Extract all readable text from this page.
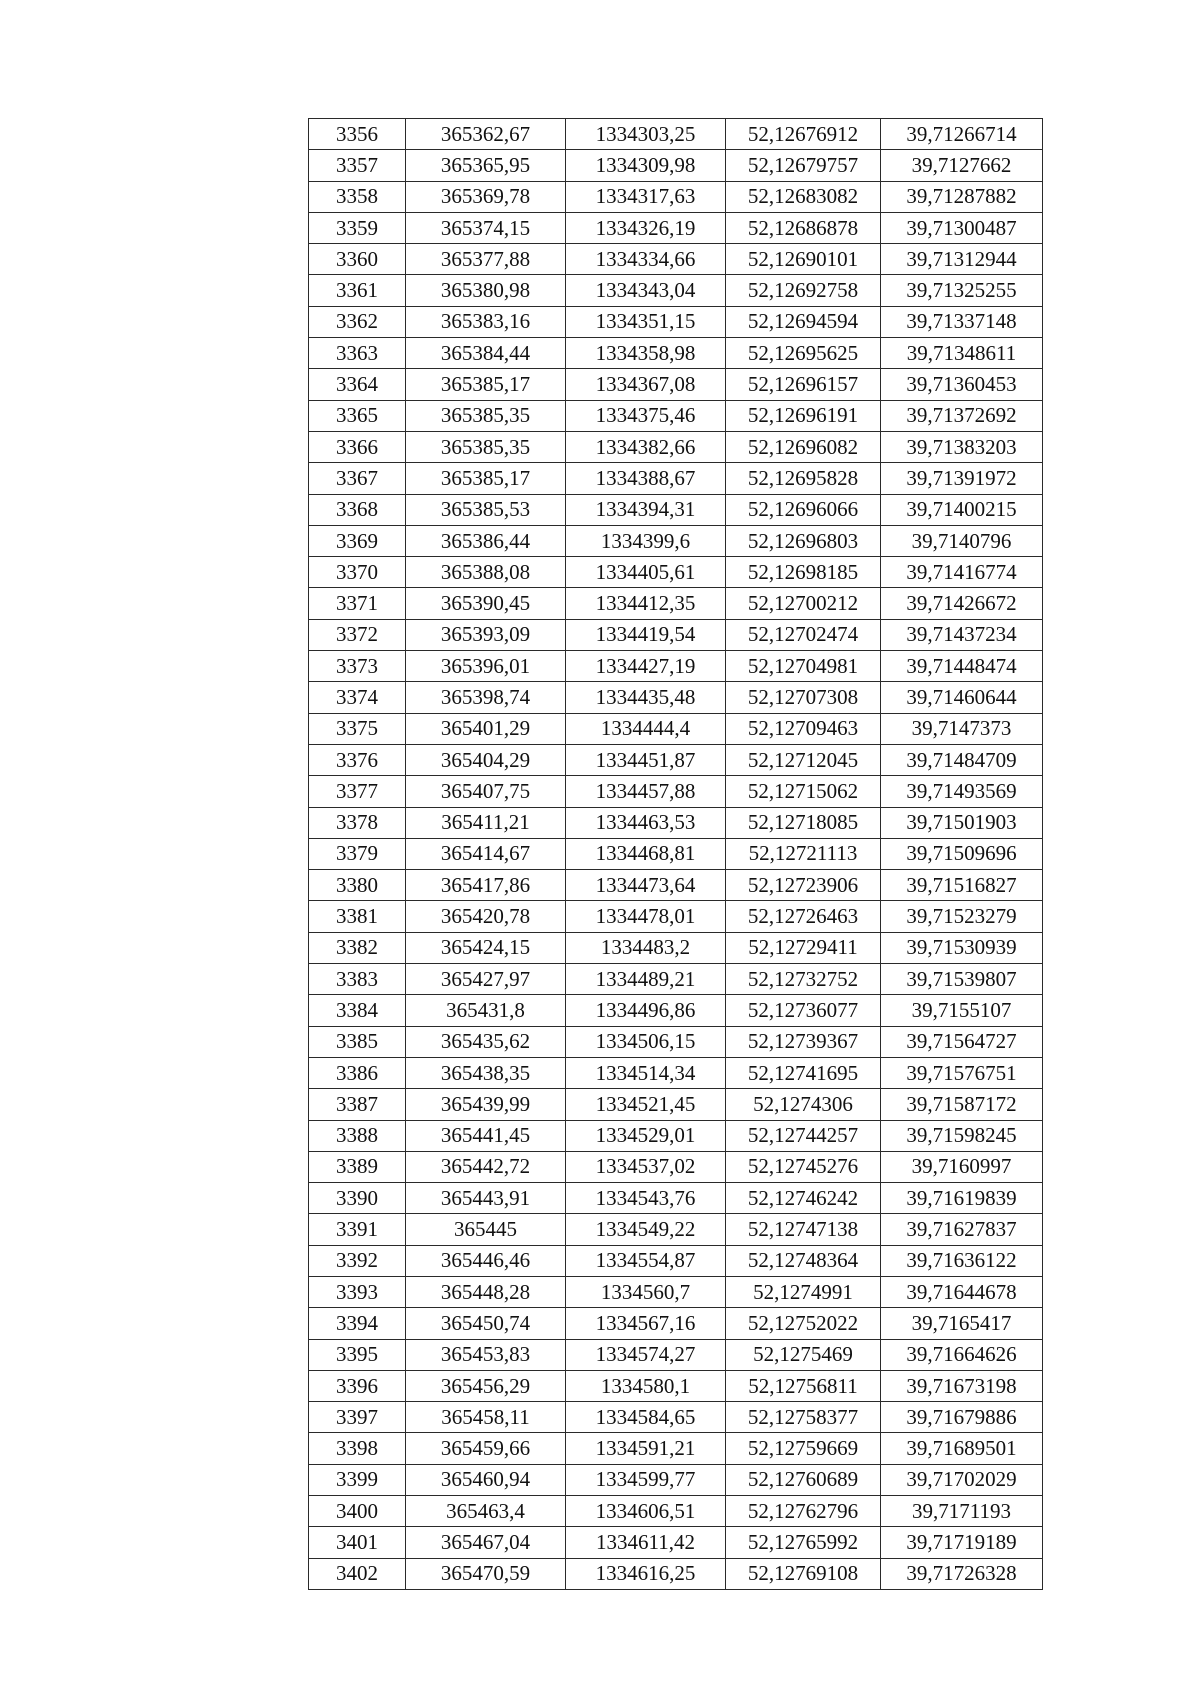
3356	365362,67	1334303,25	52,12676912	39,71266714
3357	365365,95	1334309,98	52,12679757	39,7127662
3358	365369,78	1334317,63	52,12683082	39,71287882
3359	365374,15	1334326,19	52,12686878	39,71300487
3360	365377,88	1334334,66	52,12690101	39,71312944
3361	365380,98	1334343,04	52,12692758	39,71325255
3362	365383,16	1334351,15	52,12694594	39,71337148
3363	365384,44	1334358,98	52,12695625	39,71348611
3364	365385,17	1334367,08	52,12696157	39,71360453
3365	365385,35	1334375,46	52,12696191	39,71372692
3366	365385,35	1334382,66	52,12696082	39,71383203
3367	365385,17	1334388,67	52,12695828	39,71391972
3368	365385,53	1334394,31	52,12696066	39,71400215
3369	365386,44	1334399,6	52,12696803	39,7140796
3370	365388,08	1334405,61	52,12698185	39,71416774
3371	365390,45	1334412,35	52,12700212	39,71426672
3372	365393,09	1334419,54	52,12702474	39,71437234
3373	365396,01	1334427,19	52,12704981	39,71448474
3374	365398,74	1334435,48	52,12707308	39,71460644
3375	365401,29	1334444,4	52,12709463	39,7147373
3376	365404,29	1334451,87	52,12712045	39,71484709
3377	365407,75	1334457,88	52,12715062	39,71493569
3378	365411,21	1334463,53	52,12718085	39,71501903
3379	365414,67	1334468,81	52,12721113	39,71509696
3380	365417,86	1334473,64	52,12723906	39,71516827
3381	365420,78	1334478,01	52,12726463	39,71523279
3382	365424,15	1334483,2	52,12729411	39,71530939
3383	365427,97	1334489,21	52,12732752	39,71539807
3384	365431,8	1334496,86	52,12736077	39,7155107
3385	365435,62	1334506,15	52,12739367	39,71564727
3386	365438,35	1334514,34	52,12741695	39,71576751
3387	365439,99	1334521,45	52,1274306	39,71587172
3388	365441,45	1334529,01	52,12744257	39,71598245
3389	365442,72	1334537,02	52,12745276	39,7160997
3390	365443,91	1334543,76	52,12746242	39,71619839
3391	365445	1334549,22	52,12747138	39,71627837
3392	365446,46	1334554,87	52,12748364	39,71636122
3393	365448,28	1334560,7	52,1274991	39,71644678
3394	365450,74	1334567,16	52,12752022	39,7165417
3395	365453,83	1334574,27	52,1275469	39,71664626
3396	365456,29	1334580,1	52,12756811	39,71673198
3397	365458,11	1334584,65	52,12758377	39,71679886
3398	365459,66	1334591,21	52,12759669	39,71689501
3399	365460,94	1334599,77	52,12760689	39,71702029
3400	365463,4	1334606,51	52,12762796	39,7171193
3401	365467,04	1334611,42	52,12765992	39,71719189
3402	365470,59	1334616,25	52,12769108	39,71726328
